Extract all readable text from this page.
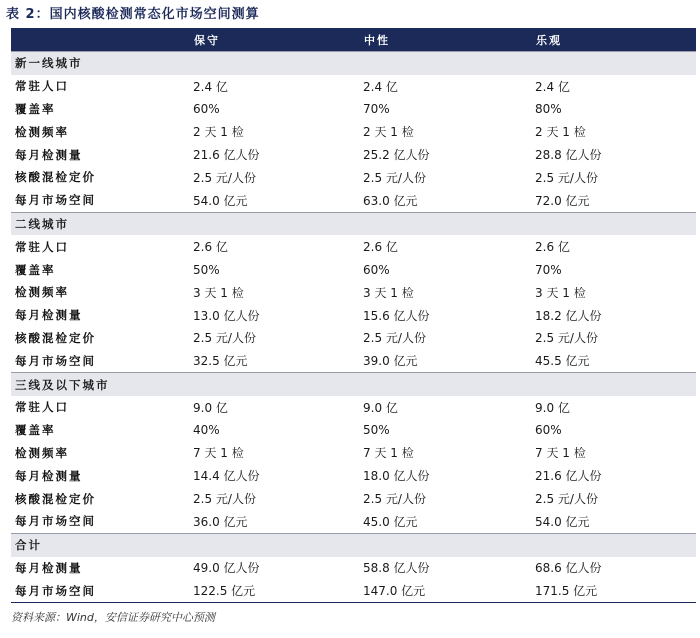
表 2：国内核酸检测常态化市场空间测算
	保守	中性	乐观
新一线城市			
常驻人口	2.4 亿	2.4 亿	2.4 亿
覆盖率	60%	70%	80%
检测频率	2 天 1 检	2 天 1 检	2 天 1 检
每月检测量	21.6 亿人份	25.2 亿人份	28.8 亿人份
核酸混检定价	2.5 元/人份	2.5 元/人份	2.5 元/人份
每月市场空间	54.0 亿元	63.0 亿元	72.0 亿元
二线城市			
常驻人口	2.6 亿	2.6 亿	2.6 亿
覆盖率	50%	60%	70%
检测频率	3 天 1 检	3 天 1 检	3 天 1 检
每月检测量	13.0 亿人份	15.6 亿人份	18.2 亿人份
核酸混检定价	2.5 元/人份	2.5 元/人份	2.5 元/人份
每月市场空间	32.5 亿元	39.0 亿元	45.5 亿元
三线及以下城市			
常驻人口	9.0 亿	9.0 亿	9.0 亿
覆盖率	40%	50%	60%
检测频率	7 天 1 检	7 天 1 检	7 天 1 检
每月检测量	14.4 亿人份	18.0 亿人份	21.6 亿人份
核酸混检定价	2.5 元/人份	2.5 元/人份	2.5 元/人份
每月市场空间	36.0 亿元	45.0 亿元	54.0 亿元
合计			
每月检测量	49.0 亿人份	58.8 亿人份	68.6 亿人份
每月市场空间	122.5 亿元	147.0 亿元	171.5 亿元
资料来源：Wind，安信证券研究中心预测
